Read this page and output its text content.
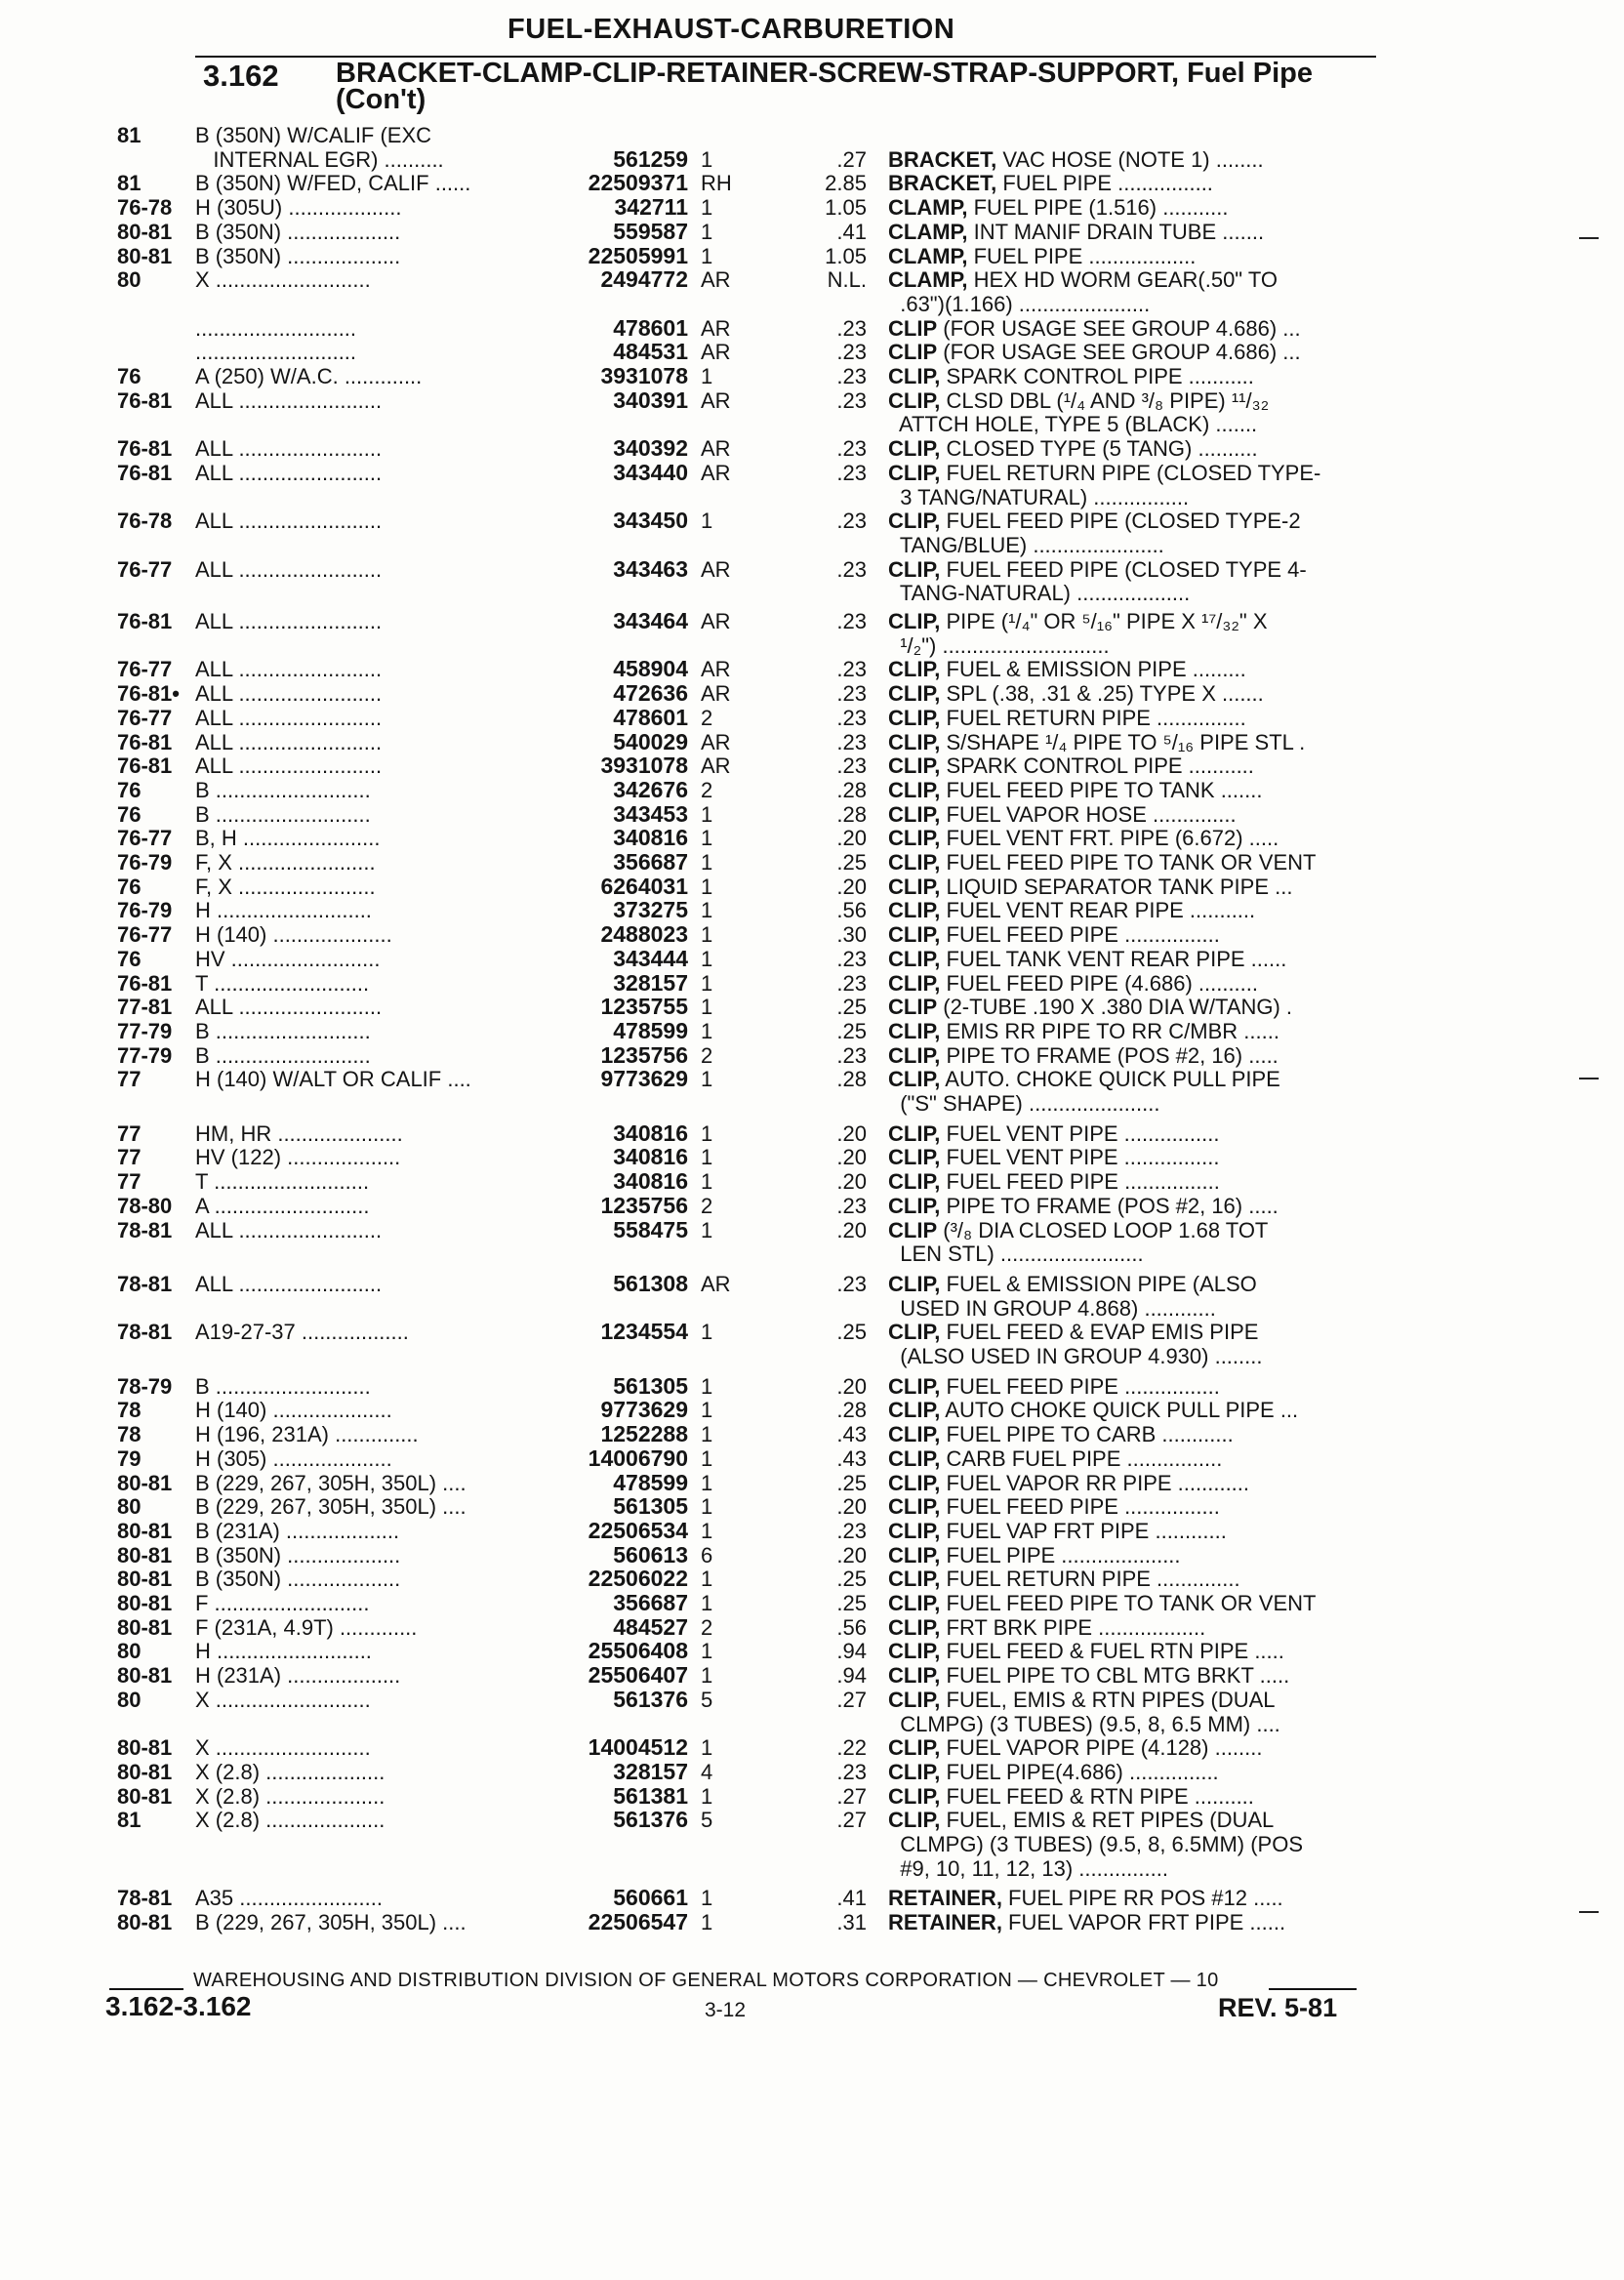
FUEL-EXHAUST-CARBURETION
3.162 BRACKET-CLAMP-CLIP-RETAINER-SCREW-STRAP-SUPPORT, Fuel Pipe (Con't)
81	B (350N) W/CALIF (EXC
INTERNAL EGR) ..........	561259 1	.27 BRACKET, VAC HOSE (NOTE 1) ........
81	B (350N) W/FED, CALIF ......	22509371 RH	2.85 BRACKET, FUEL PIPE ................
76-78	H (305U) ...................	342711 1	1.05 CLAMP, FUEL PIPE (1.516) ...........
80-81	B (350N) ...................	559587 1	.41 CLAMP, INT MANIF DRAIN TUBE .......
80-81	B (350N) ...................	22505991 1	1.05 CLAMP, FUEL PIPE ..................
80	X ..........................	2494772 AR	N.L. CLAMP, HEX HD WORM GEAR(.50" TO
.63")(1.166) ......................
...........................	478601 AR	.23 CLIP (FOR USAGE SEE GROUP 4.686) ...
...........................	484531 AR	.23 CLIP (FOR USAGE SEE GROUP 4.686) ...
76	A (250) W/A.C. .............	3931078 1	.23 CLIP, SPARK CONTROL PIPE ...........
76-81	ALL ........................	340391 AR	.23 CLIP, CLSD DBL (¹/₄ AND ³/₈ PIPE) ¹¹/₃₂
ATTCH HOLE, TYPE 5 (BLACK) .......
76-81	ALL ........................	340392 AR	.23 CLIP, CLOSED TYPE (5 TANG) ..........
76-81	ALL ........................	343440 AR	.23 CLIP, FUEL RETURN PIPE (CLOSED TYPE-
3 TANG/NATURAL) ................
76-78	ALL ........................	343450 1	.23 CLIP, FUEL FEED PIPE (CLOSED TYPE-2
TANG/BLUE) ......................
76-77	ALL ........................	343463 AR	.23 CLIP, FUEL FEED PIPE (CLOSED TYPE 4-
TANG-NATURAL) ...................
76-81	ALL ........................	343464 AR	.23 CLIP, PIPE (¹/₄" OR ⁵/₁₆" PIPE X ¹⁷/₃₂" X
¹/₂") ............................
76-77	ALL ........................	458904 AR	.23 CLIP, FUEL & EMISSION PIPE .........
76-81• ALL ........................	472636 AR	.23 CLIP, SPL (.38, .31 & .25) TYPE X .......
76-77	ALL ........................	478601 2	.23 CLIP, FUEL RETURN PIPE ...............
76-81	ALL ........................	540029 AR	.23 CLIP, S/SHAPE ¹/₄ PIPE TO ⁵/₁₆ PIPE STL .
76-81	ALL ........................	3931078 AR	.23 CLIP, SPARK CONTROL PIPE ...........
76	B ..........................	342676 2	.28 CLIP, FUEL FEED PIPE TO TANK .......
76	B ..........................	343453 1	.28 CLIP, FUEL VAPOR HOSE ..............
76-77	B, H .......................	340816 1	.20 CLIP, FUEL VENT FRT. PIPE (6.672) .....
76-79	F, X .......................	356687 1	.25 CLIP, FUEL FEED PIPE TO TANK OR VENT
76	F, X .......................	6264031 1	.20 CLIP, LIQUID SEPARATOR TANK PIPE ...
76-79	H ..........................	373275 1	.56 CLIP, FUEL VENT REAR PIPE ...........
76-77	H (140) ....................	2488023 1	.30 CLIP, FUEL FEED PIPE ................
76	HV .........................	343444 1	.23 CLIP, FUEL TANK VENT REAR PIPE ......
76-81	T ..........................	328157 1	.23 CLIP, FUEL FEED PIPE (4.686) ..........
77-81	ALL ........................	1235755 1	.25 CLIP (2-TUBE .190 X .380 DIA W/TANG) .
77-79	B ..........................	478599 1	.25 CLIP, EMIS RR PIPE TO RR C/MBR ......
77-79	B ..........................	1235756 2	.23 CLIP, PIPE TO FRAME (POS #2, 16) .....
77	H (140) W/ALT OR CALIF ....	9773629 1	.28 CLIP, AUTO. CHOKE QUICK PULL PIPE
("S" SHAPE) ......................
77	HM, HR .....................	340816 1	.20 CLIP, FUEL VENT PIPE ................
77	HV (122) ...................	340816 1	.20 CLIP, FUEL VENT PIPE ................
77	T ..........................	340816 1	.20 CLIP, FUEL FEED PIPE ................
78-80	A ..........................	1235756 2	.23 CLIP, PIPE TO FRAME (POS #2, 16) .....
78-81	ALL ........................	558475 1	.20 CLIP (³/₈ DIA CLOSED LOOP 1.68 TOT
LEN STL) ........................
78-81	ALL ........................	561308 AR	.23 CLIP, FUEL & EMISSION PIPE (ALSO
USED IN GROUP 4.868) ............
78-81	A19-27-37 ..................	1234554 1	.25 CLIP, FUEL FEED & EVAP EMIS PIPE
(ALSO USED IN GROUP 4.930) ........
78-79	B ..........................	561305 1	.20 CLIP, FUEL FEED PIPE ................
78	H (140) ....................	9773629 1	.28 CLIP, AUTO CHOKE QUICK PULL PIPE ...
78	H (196, 231A) ..............	1252288 1	.43 CLIP, FUEL PIPE TO CARB ............
79	H (305) ....................	14006790 1	.43 CLIP, CARB FUEL PIPE ................
80-81	B (229, 267, 305H, 350L) ....	478599 1	.25 CLIP, FUEL VAPOR RR PIPE ............
80	B (229, 267, 305H, 350L) ....	561305 1	.20 CLIP, FUEL FEED PIPE ................
80-81	B (231A) ...................	22506534 1	.23 CLIP, FUEL VAP FRT PIPE ............
80-81	B (350N) ...................	560613 6	.20 CLIP, FUEL PIPE ....................
80-81	B (350N) ...................	22506022 1	.25 CLIP, FUEL RETURN PIPE ..............
80-81	F ..........................	356687 1	.25 CLIP, FUEL FEED PIPE TO TANK OR VENT
80-81	F (231A, 4.9T) .............	484527 2	.56 CLIP, FRT BRK PIPE ..................
80	H ..........................	25506408 1	.94 CLIP, FUEL FEED & FUEL RTN PIPE .....
80-81	H (231A) ...................	25506407 1	.94 CLIP, FUEL PIPE TO CBL MTG BRKT .....
80	X ..........................	561376 5	.27 CLIP, FUEL, EMIS & RTN PIPES (DUAL
CLMPG) (3 TUBES) (9.5, 8, 6.5 MM) ....
80-81	X ..........................	14004512 1	.22 CLIP, FUEL VAPOR PIPE (4.128) ........
80-81	X (2.8) ....................	328157 4	.23 CLIP, FUEL PIPE(4.686) ...............
80-81	X (2.8) ....................	561381 1	.27 CLIP, FUEL FEED & RTN PIPE ..........
81	X (2.8) ....................	561376 5	.27 CLIP, FUEL, EMIS & RET PIPES (DUAL
CLMPG) (3 TUBES) (9.5, 8, 6.5MM) (POS
#9, 10, 11, 12, 13) ...............
78-81	A35 ........................	560661 1	.41 RETAINER, FUEL PIPE RR POS #12 .....
80-81	B (229, 267, 305H, 350L) ....	22506547 1	.31 RETAINER, FUEL VAPOR FRT PIPE ......
WAREHOUSING AND DISTRIBUTION DIVISION OF GENERAL MOTORS CORPORATION — CHEVROLET — 10
3.162-3.162	3-12	REV. 5-81
